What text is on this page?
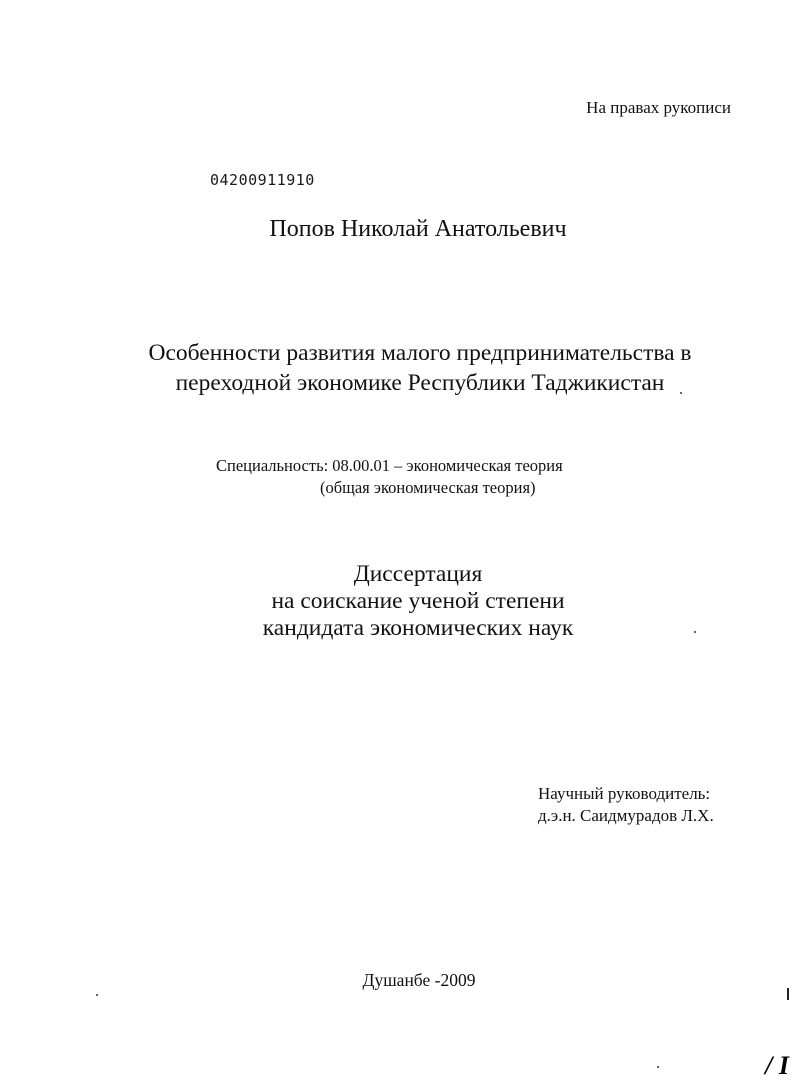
На правах рукописи
04200911910
Попов Николай Анатольевич
Особенности развития малого предпринимательства в
переходной экономике Республики Таджикистан
Специальность: 08.00.01 – экономическая теория
(общая экономическая теория)
Диссертация
на соискание ученой степени
кандидата экономических наук
Научный руководитель:
д.э.н. Саидмурадов Л.Х.
Душанбе -2009
/ I
